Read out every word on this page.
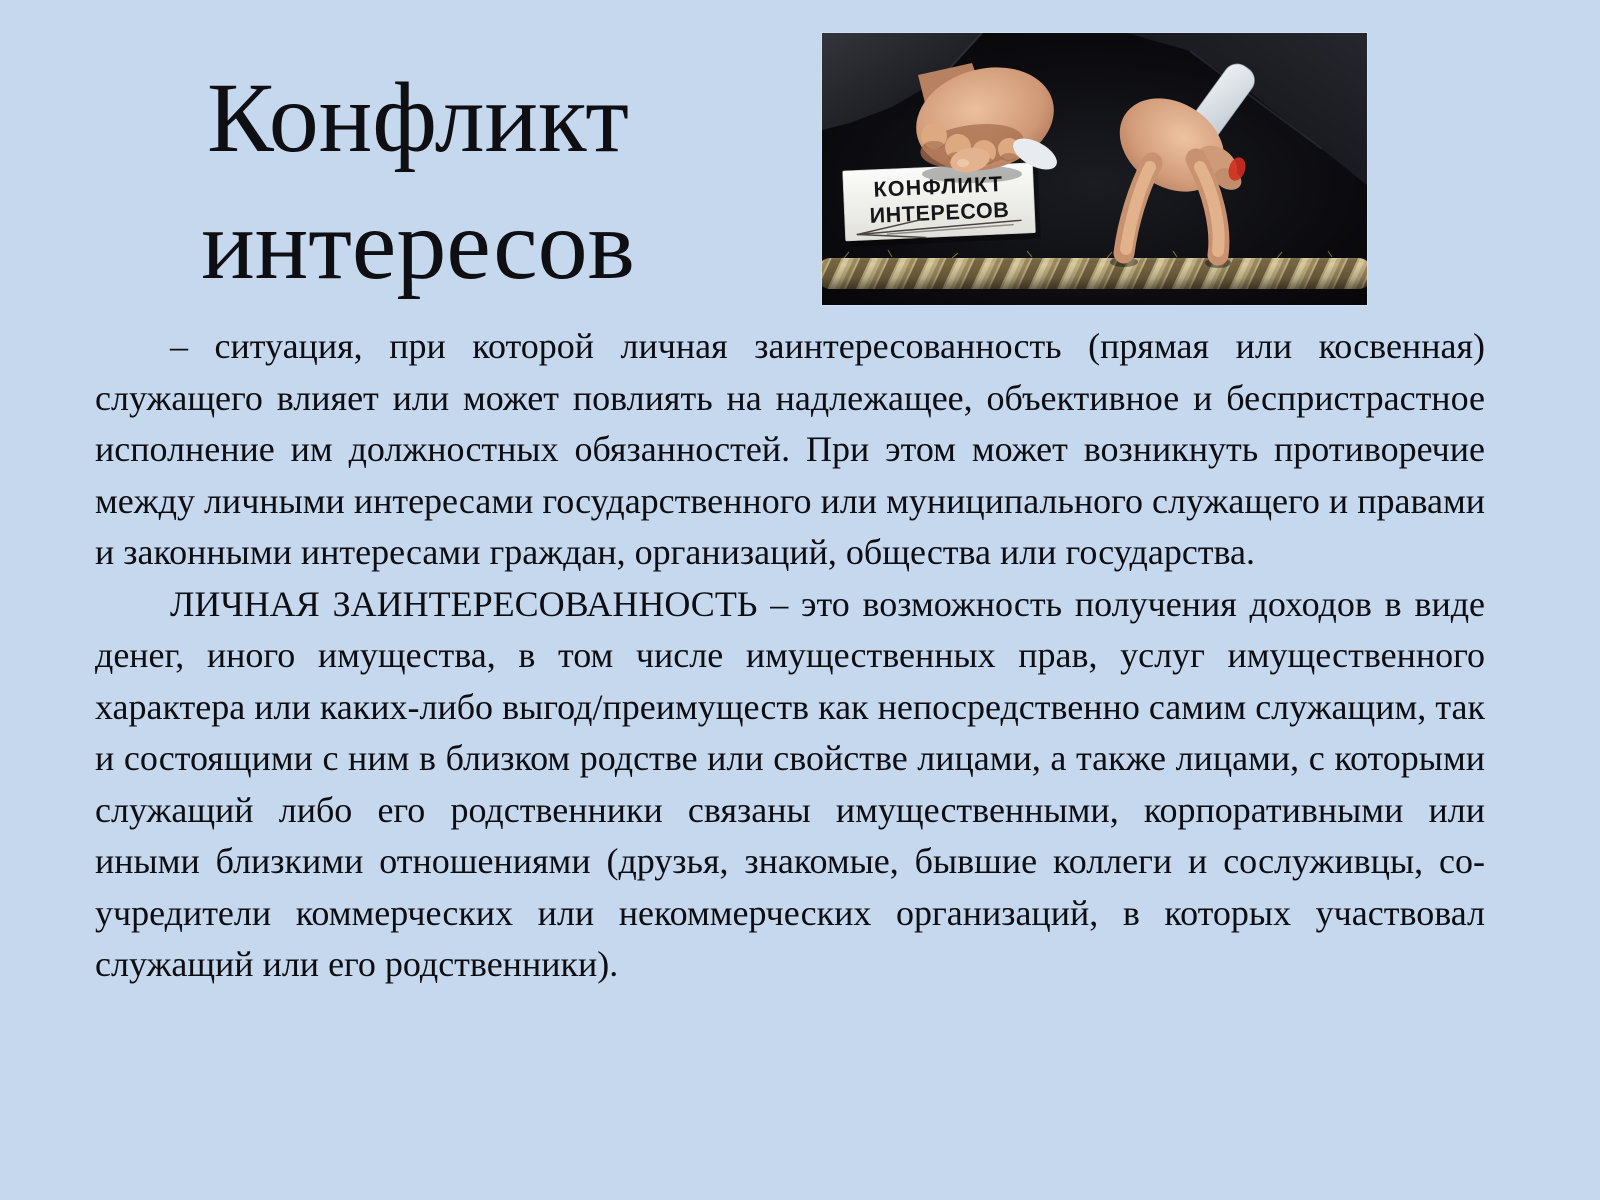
Конфликт интересов
КОНФЛИКТ
ИНТЕРЕСОВ

– ситуация, при которой личная заинтересованность (прямая или косвенная) служащего влияет или может повлиять на надлежащее, объективное и беспристрастное исполнение им должностных обязанностей. При этом может возникнуть противоречие между личными интересами государственного или муниципального служащего и правами и законными интересами граждан, организаций, общества или государства.

ЛИЧНАЯ ЗАИНТЕРЕСОВАННОСТЬ – это возможность получения доходов в виде денег, иного имущества, в том числе имущественных прав, услуг имущественного характера или каких-либо выгод/преимуществ как непосредственно самим служащим, так и состоящими с ним в близком родстве или свойстве лицами, а также лицами, с которыми служащий либо его родственники связаны имущественными, корпоративными или иными близкими отношениями (друзья, знакомые, бывшие коллеги и сослуживцы, со- учредители коммерческих или некоммерческих организаций, в которых участвовал служащий или его родственники).
